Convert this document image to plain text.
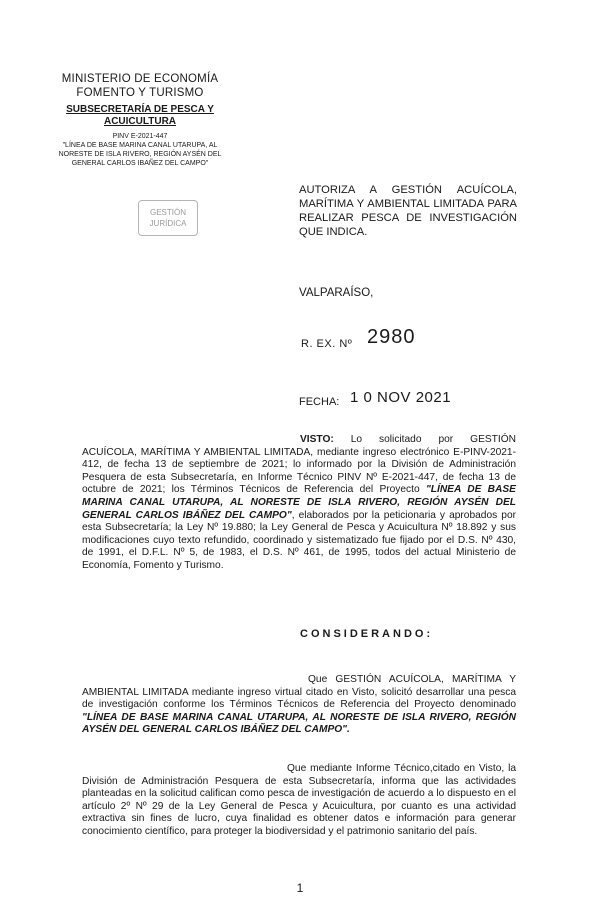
MINISTERIO DE ECONOMÍA
FOMENTO Y TURISMO
SUBSECRETARÍA DE PESCA Y
ACUICULTURA
PINV E-2021-447
"LÍNEA DE BASE MARINA CANAL UTARUPA, AL
NORESTE DE ISLA RIVERO, REGIÓN AYSÉN DEL
GENERAL CARLOS IBAÑEZ DEL CAMPO"
GESTIÓN
JURÍDICA
AUTORIZA A GESTIÓN ACUÍCOLA, MARÍTIMA Y AMBIENTAL LIMITADA PARA REALIZAR PESCA DE INVESTIGACIÓN QUE INDICA.
VALPARAÍSO,
R. EX. Nº 2980
FECHA: 1 0 NOV 2021
VISTO: Lo solicitado por GESTIÓN ACUÍCOLA, MARÍTIMA Y AMBIENTAL LIMITADA, mediante ingreso electrónico E-PINV-2021-412, de fecha 13 de septiembre de 2021; lo informado por la División de Administración Pesquera de esta Subsecretaría, en Informe Técnico PINV Nº E-2021-447, de fecha 13 de octubre de 2021; los Términos Técnicos de Referencia del Proyecto "LÍNEA DE BASE MARINA CANAL UTARUPA, AL NORESTE DE ISLA RIVERO, REGIÓN AYSÉN DEL GENERAL CARLOS IBÁÑEZ DEL CAMPO", elaborados por la peticionaria y aprobados por esta Subsecretaría; la Ley Nº 19.880; la Ley General de Pesca y Acuicultura Nº 18.892 y sus modificaciones cuyo texto refundido, coordinado y sistematizado fue fijado por el D.S. Nº 430, de 1991, el D.F.L. Nº 5, de 1983, el D.S. Nº 461, de 1995, todos del actual Ministerio de Economía, Fomento y Turismo.
CONSIDERANDO:
Que GESTIÓN ACUÍCOLA, MARÍTIMA Y AMBIENTAL LIMITADA mediante ingreso virtual citado en Visto, solicitó desarrollar una pesca de investigación conforme los Términos Técnicos de Referencia del Proyecto denominado "LÍNEA DE BASE MARINA CANAL UTARUPA, AL NORESTE DE ISLA RIVERO, REGIÓN AYSÉN DEL GENERAL CARLOS IBÁÑEZ DEL CAMPO".
Que mediante Informe Técnico,citado en Visto, la División de Administración Pesquera de esta Subsecretaría, informa que las actividades planteadas en la solicitud califican como pesca de investigación de acuerdo a lo dispuesto en el artículo 2º Nº 29 de la Ley General de Pesca y Acuicultura, por cuanto es una actividad extractiva sin fines de lucro, cuya finalidad es obtener datos e información para generar conocimiento científico, para proteger la biodiversidad y el patrimonio sanitario del país.
1
